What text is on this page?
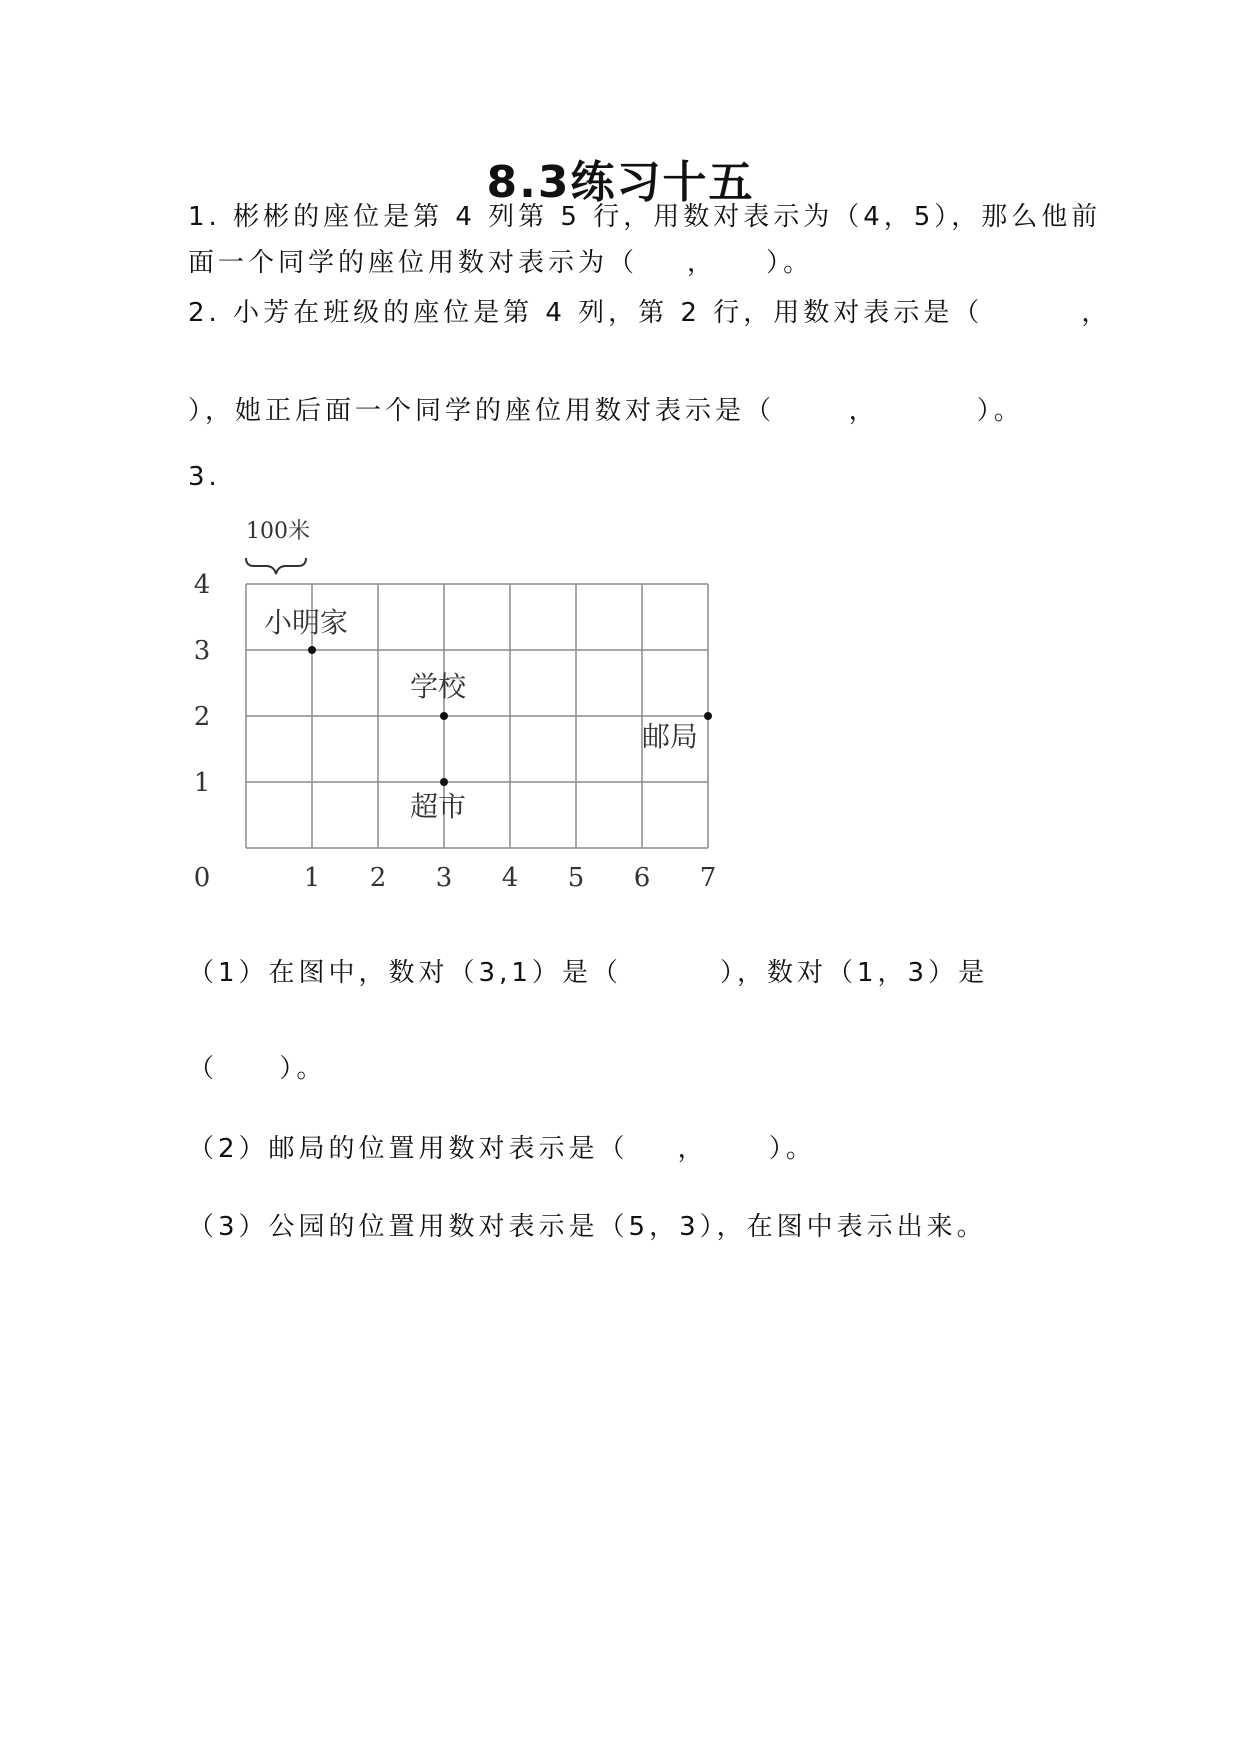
8.3练习十五
1. 彬彬的座位是第 4 列第 5 行，用数对表示为（4，5），那么他前
面一个同学的座位用数对表示为（    ，    ）。
2. 小芳在班级的座位是第 4 列，第 2 行，用数对表示是（        ，
），她正后面一个同学的座位用数对表示是（      ，        ）。
3.
100米
0	1 2 3 4 5 6 7
1
2
3
4
小明家
学校
超市
邮局
（1）在图中，数对（3,1）是（        ），数对（1，3）是
（     ）。
（2）邮局的位置用数对表示是（    ，     ）。
（3）公园的位置用数对表示是（5，3），在图中表示出来。
